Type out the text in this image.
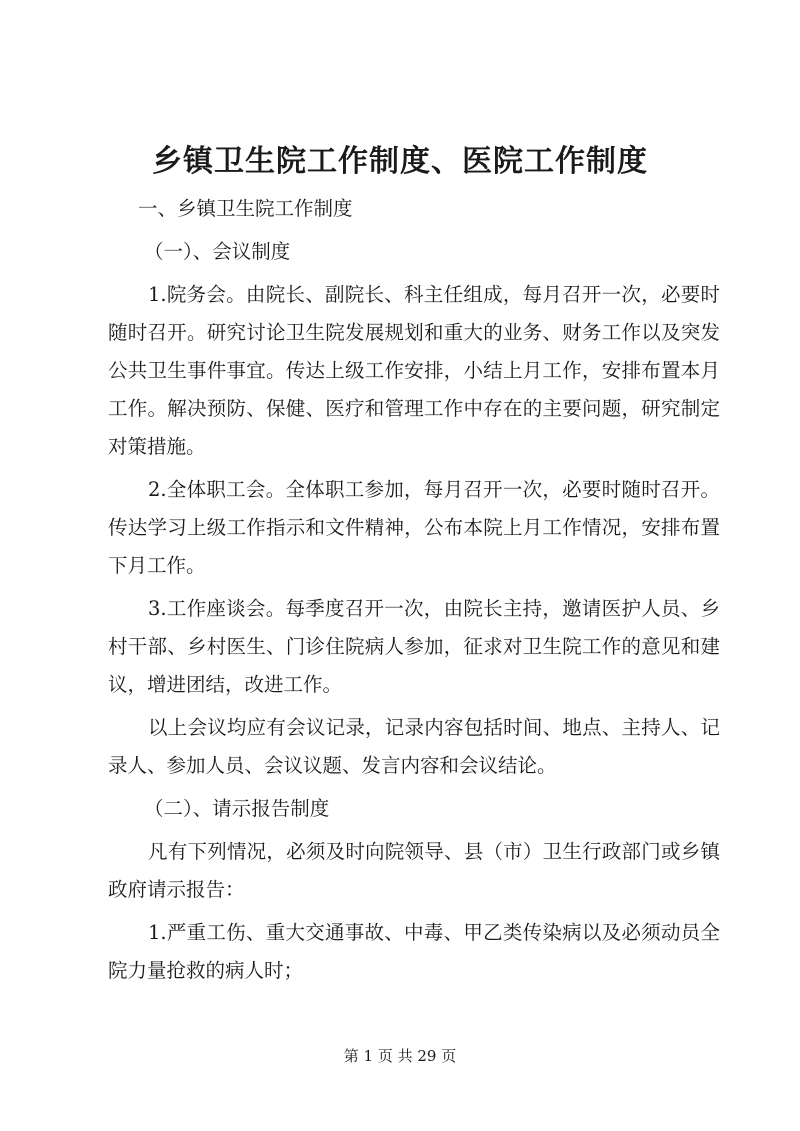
乡镇卫生院工作制度、医院工作制度

一、乡镇卫生院工作制度

（一）、会议制度

1.院务会。由院长、副院长、科主任组成，每月召开一次，必要时随时召开。研究讨论卫生院发展规划和重大的业务、财务工作以及突发公共卫生事件事宜。传达上级工作安排，小结上月工作，安排布置本月工作。解决预防、保健、医疗和管理工作中存在的主要问题，研究制定对策措施。

2.全体职工会。全体职工参加，每月召开一次，必要时随时召开。传达学习上级工作指示和文件精神，公布本院上月工作情况，安排布置下月工作。

3.工作座谈会。每季度召开一次，由院长主持，邀请医护人员、乡村干部、乡村医生、门诊住院病人参加，征求对卫生院工作的意见和建议，增进团结，改进工作。

以上会议均应有会议记录，记录内容包括时间、地点、主持人、记录人、参加人员、会议议题、发言内容和会议结论。

（二）、请示报告制度

凡有下列情况，必须及时向院领导、县（市）卫生行政部门或乡镇政府请示报告：

1.严重工伤、重大交通事故、中毒、甲乙类传染病以及必须动员全院力量抢救的病人时；

第 1 页 共 29 页
